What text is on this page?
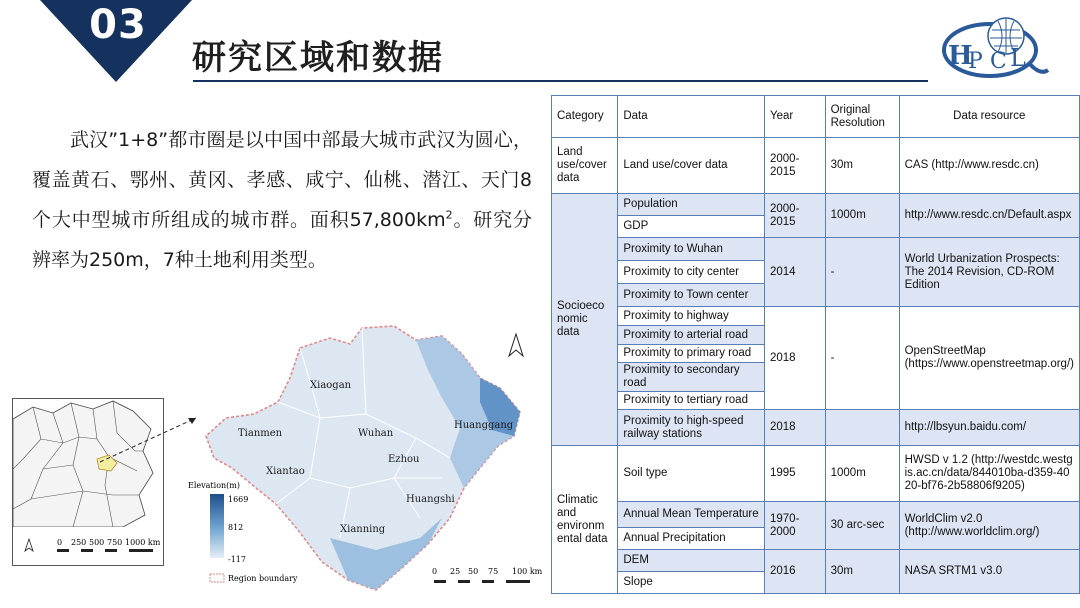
03
研究区域和数据	H
P C L

武汉”1+8”都市圈是以中国中部最大城市武汉为圆心，覆盖黄石、鄂州、黄冈、孝感、咸宁、仙桃、潜江、天门8个大中型城市所组成的城市群。面积$57,800km^2$。研究分辨率为250m，7种土地利用类型。

0 250 500 750 1000 km
Elevation(m)
1669
812
-117
Region boundary
0 25 50 75 100 km
Xiaogan
Tianmen	Wuhan
Huanggang
Ezhou
Xiantao
Huangshi
Xianning
Category	Data	Year	Original Resolution	Data resource
Land
use/cover
data	Land use/cover data	2000-2015	30m	CAS (http://www.resdc.cn)
Socioeco
nomic
data	Population	2000-2015	1000m	http://www.resdc.cn/Default.aspx
	GDP			
	Proximity to Wuhan	2014	-	World Urbanization Prospects: The 2014 Revision, CD-ROM Edition
	Proximity to city center			
	Proximity to Town center			
	Proximity to highway	2018	-	OpenStreetMap (https://www.openstreetmap.org/)
	Proximity to arterial road			
	Proximity to primary road			
	Proximity to secondary road			
	Proximity to tertiary road			
	Proximity to high-speed railway stations	2018		http://lbsyun.baidu.com/
Climatic
and
environm
ental data	Soil type	1995	1000m	HWSD v 1.2 (http://westdc.westgis.ac.cn/data/844010ba-d359-4020-bf76-2b58806f9205)
	Annual Mean Temperature	1970-2000	30 arc-sec	WorldClim v2.0 (http://www.worldclim.org/)
	Annual Precipitation			
	DEM	2016	30m	NASA SRTM1 v3.0
	Slope			
